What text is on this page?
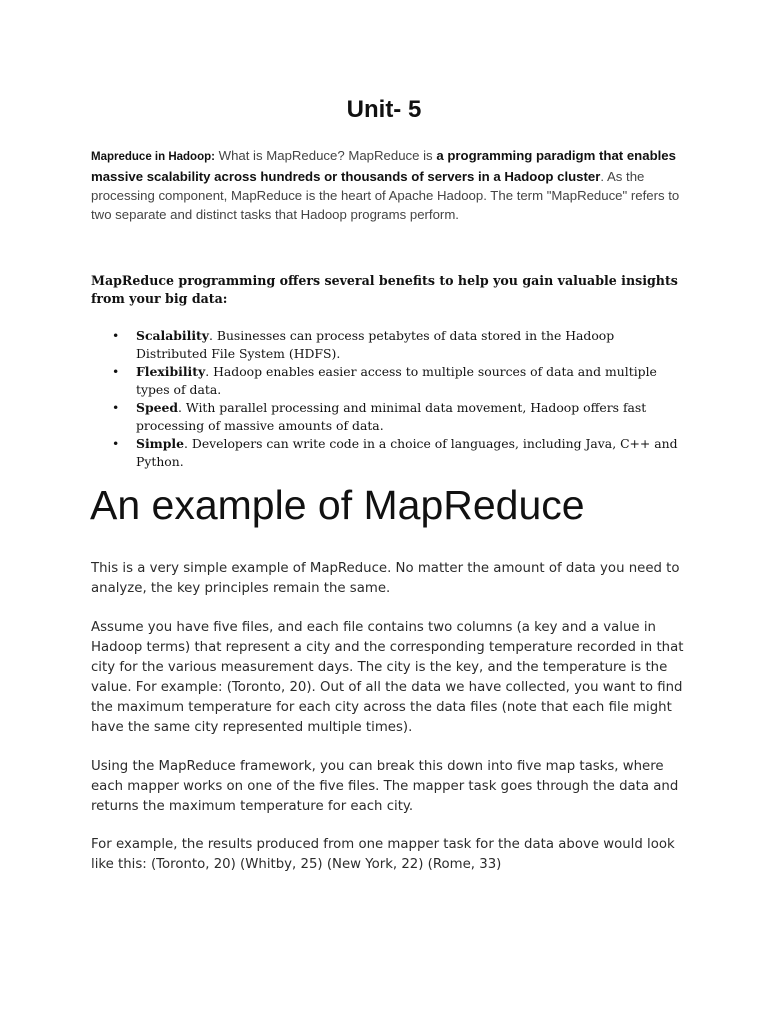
Unit- 5

Mapreduce in Hadoop: What is MapReduce? MapReduce is a programming paradigm that enables massive scalability across hundreds or thousands of servers in a Hadoop cluster. As the processing component, MapReduce is the heart of Apache Hadoop. The term "MapReduce" refers to two separate and distinct tasks that Hadoop programs perform.

MapReduce programming offers several benefits to help you gain valuable insights from your big data:

• Scalability. Businesses can process petabytes of data stored in the Hadoop Distributed File System (HDFS).
• Flexibility. Hadoop enables easier access to multiple sources of data and multiple types of data.
• Speed. With parallel processing and minimal data movement, Hadoop offers fast processing of massive amounts of data.
• Simple. Developers can write code in a choice of languages, including Java, C++ and Python.
An example of MapReduce

This is a very simple example of MapReduce. No matter the amount of data you need to analyze, the key principles remain the same.

Assume you have five files, and each file contains two columns (a key and a value in Hadoop terms) that represent a city and the corresponding temperature recorded in that city for the various measurement days. The city is the key, and the temperature is the value. For example: (Toronto, 20). Out of all the data we have collected, you want to find the maximum temperature for each city across the data files (note that each file might have the same city represented multiple times).

Using the MapReduce framework, you can break this down into five map tasks, where each mapper works on one of the five files. The mapper task goes through the data and returns the maximum temperature for each city.

For example, the results produced from one mapper task for the data above would look like this: (Toronto, 20) (Whitby, 25) (New York, 22) (Rome, 33)
